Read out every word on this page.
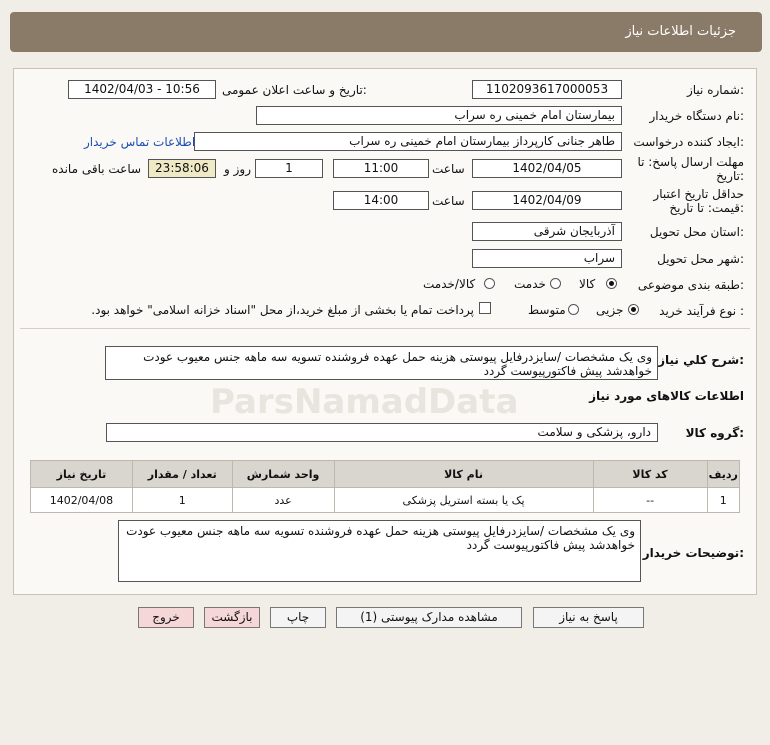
جزئیات اطلاعات نیاز
ParsNamadData
شماره نیاز:
1102093617000053
تاریخ و ساعت اعلان عمومی:
1402/04/03 - 10:56
نام دستگاه خریدار:
بیمارستان امام خمینی ره سراب
ایجاد کننده درخواست:
طاهر جنانی کارپرداز بیمارستان امام خمینی ره سراب
اطلاعات تماس خریدار
مهلت ارسال پاسخ: تا تاریخ:
1402/04/05
ساعت
11:00
1
روز و
23:58:06
ساعت باقی مانده
حداقل تاریخ اعتبار قیمت: تا تاریخ:
1402/04/09
ساعت
14:00
استان محل تحویل:
آذربایجان شرقی
شهر محل تحویل:
سراب
طبقه بندی موضوعی:
کالا
خدمت
کالا/خدمت
نوع فرآیند خرید :
جزیی
متوسط
پرداخت تمام یا بخشی از مبلغ خرید،از محل "اسناد خزانه اسلامی" خواهد بود.
شرح کلي نياز:
وی یک مشخصات /سایزدرفایل پیوستی هزینه حمل عهده فروشنده تسویه سه ماهه جنس معیوب عودت خواهدشد پیش فاکتورپیوست گردد
اطلاعات کالاهای مورد نیاز
گروه کالا:
دارو، پزشکی و سلامت
ردیف	کد کالا	نام کالا	واحد شمارش	تعداد / مقدار	تاریخ نیاز
1	--	پک یا بسته استریل پزشکی	عدد	1	1402/04/08
توضیحات خریدار:
وی یک مشخصات /سایزدرفایل پیوستی هزینه حمل عهده فروشنده تسویه سه ماهه جنس معیوب عودت خواهدشد پیش فاکتورپیوست گردد
پاسخ به نیاز
مشاهده مدارک پیوستی (1)
چاپ
بازگشت
خروج
